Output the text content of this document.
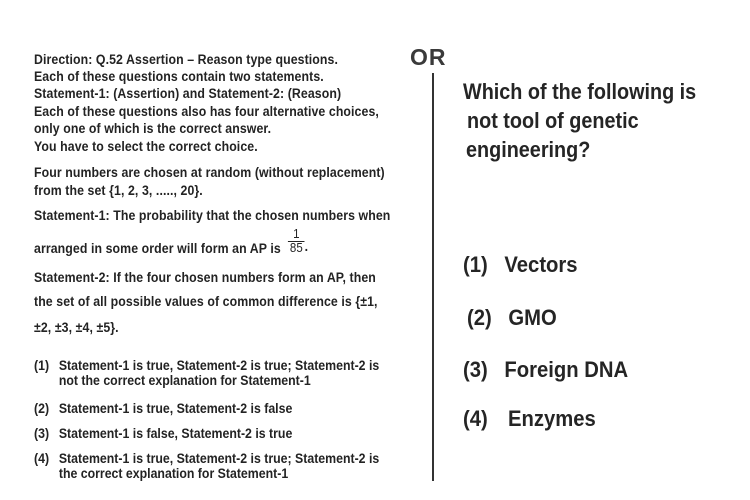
Direction: Q.52 Assertion – Reason type questions.
Each of these questions contain two statements.
Statement-1: (Assertion) and Statement-2: (Reason)
Each of these questions also has four alternative choices,
only one of which is the correct answer.
You have to select the correct choice.
Four numbers are chosen at random (without replacement)
from the set {1, 2, 3, ....., 20}.
Statement-1: The probability that the chosen numbers when
arranged in some order will form an AP is $\frac{1}{85}$ .
Statement-2: If the four chosen numbers form an AP, then
the set of all possible values of common difference is {±1,
±2, ±3, ±4, ±5}.
(1) Statement-1 is true, Statement-2 is true; Statement-2 is
not the correct explanation for Statement-1
(2) Statement-1 is true, Statement-2 is false
(3) Statement-1 is false, Statement-2 is true
(4) Statement-1 is true, Statement-2 is true; Statement-2 is
the correct explanation for Statement-1
OR
Which of the following is
not tool of genetic
engineering?
(1) Vectors
(2) GMO
(3) Foreign DNA
(4) Enzymes
